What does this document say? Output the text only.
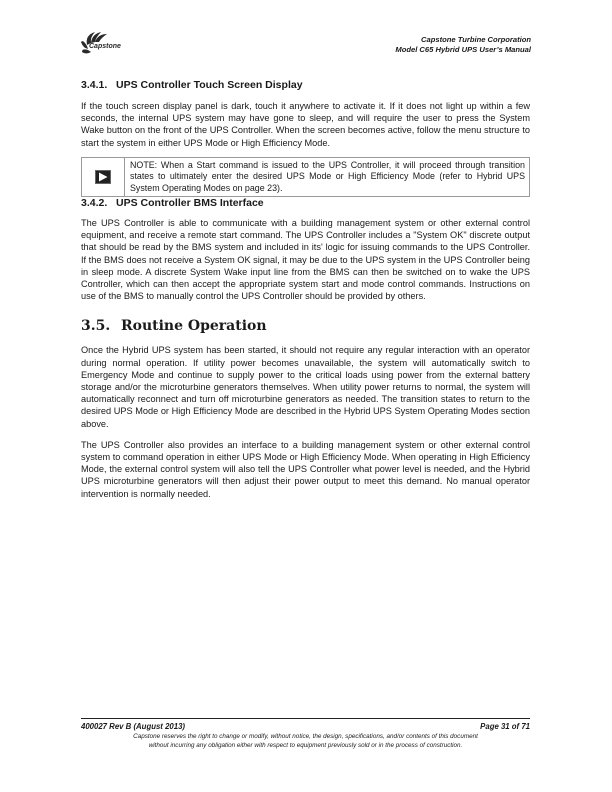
Capstone
Capstone Turbine Corporation
Model C65 Hybrid UPS User’s Manual
3.4.1.   UPS Controller Touch Screen Display

If the touch screen display panel is dark, touch it anywhere to activate it. If it does not light up within a few seconds, the internal UPS system may have gone to sleep, and will require the user to press the System Wake button on the front of the UPS Controller. When the screen becomes active, follow the menu structure to start the system in either UPS Mode or High Efficiency Mode.

NOTE: When a Start command is issued to the UPS Controller, it will proceed through transition states to ultimately enter the desired UPS Mode or High Efficiency Mode (refer to Hybrid UPS System Operating Modes on page 23).
3.4.2.   UPS Controller BMS Interface

The UPS Controller is able to communicate with a building management system or other external control equipment, and receive a remote start command. The UPS Controller includes a "System OK" discrete output that should be read by the BMS system and included in its' logic for issuing commands to the UPS Controller. If the BMS does not receive a System OK signal, it may be due to the UPS system in the UPS Controller being in sleep mode. A discrete System Wake input line from the BMS can then be switched on to wake the UPS Controller, which can then accept the appropriate system start and mode control commands. Instructions on use of the BMS to manually control the UPS Controller should be provided by others.

3.5. Routine Operation

Once the Hybrid UPS system has been started, it should not require any regular interaction with an operator during normal operation. If utility power becomes unavailable, the system will automatically switch to Emergency Mode and continue to supply power to the critical loads using power from the external battery storage and/or the microturbine generators themselves. When utility power returns to normal, the system will automatically reconnect and turn off microturbine generators as needed. The transition states to return to the desired UPS Mode or High Efficiency Mode are described in the Hybrid UPS System Operating Modes section above.

The UPS Controller also provides an interface to a building management system or other external control system to command operation in either UPS Mode or High Efficiency Mode. When operating in High Efficiency Mode, the external control system will also tell the UPS Controller what power level is needed, and the Hybrid UPS microturbine generators will then adjust their power output to meet this demand. No manual operator intervention is normally needed.

400027 Rev B (August 2013)	Page 31 of 71
Capstone reserves the right to change or modify, without notice, the design, specifications, and/or contents of this document
without incurring any obligation either with respect to equipment previously sold or in the process of construction.
